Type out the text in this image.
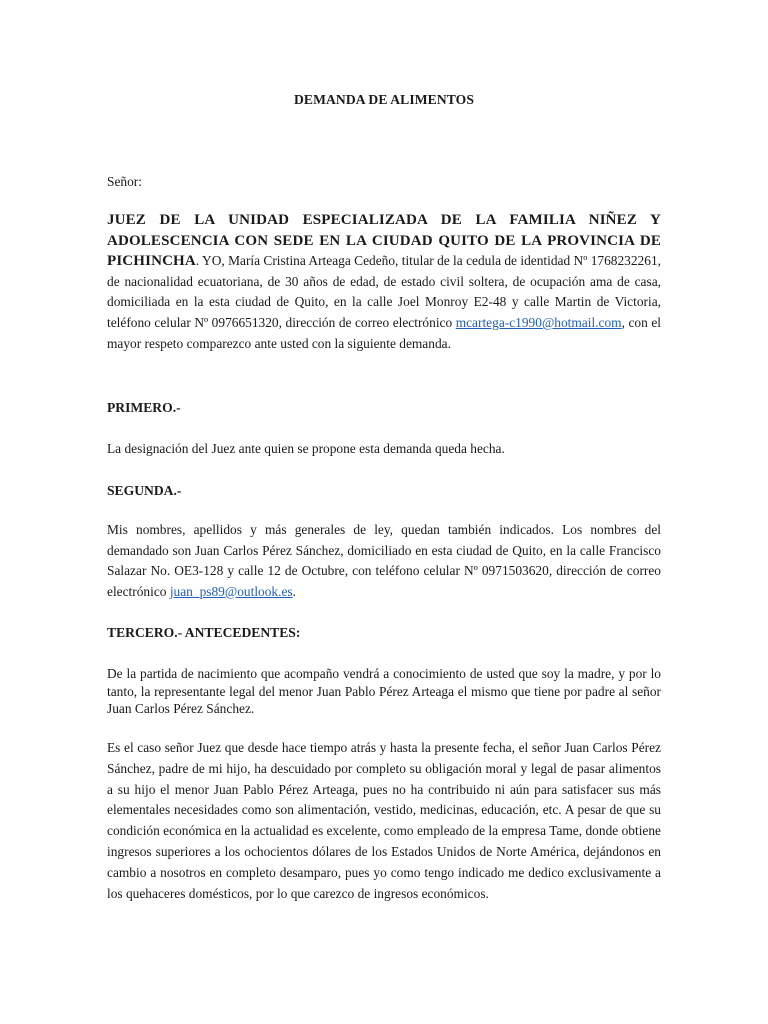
DEMANDA DE ALIMENTOS
Señor:
JUEZ DE LA UNIDAD ESPECIALIZADA DE LA FAMILIA NIÑEZ Y ADOLESCENCIA CON SEDE EN LA CIUDAD QUITO DE LA PROVINCIA DE PICHINCHA. YO, María Cristina Arteaga Cedeño, titular de la cedula de identidad Nº 1768232261, de nacionalidad ecuatoriana, de 30 años de edad, de estado civil soltera, de ocupación ama de casa, domiciliada en la esta ciudad de Quito, en la calle Joel Monroy E2-48 y calle Martin de Victoria, teléfono celular Nº 0976651320, dirección de correo electrónico mcartega-c1990@hotmail.com, con el mayor respeto comparezco ante usted con la siguiente demanda.
PRIMERO.-
La designación del Juez ante quien se propone esta demanda queda hecha.
SEGUNDA.-
Mis nombres, apellidos y más generales de ley, quedan también indicados. Los nombres del demandado son Juan Carlos Pérez Sánchez, domiciliado en esta ciudad de Quito, en la calle Francisco Salazar No. OE3-128 y calle 12 de Octubre, con teléfono celular Nº 0971503620, dirección de correo electrónico juan_ps89@outlook.es.
TERCERO.- ANTECEDENTES:
De la partida de nacimiento que acompaño vendrá a conocimiento de usted que soy la madre, y por lo tanto, la representante legal del menor Juan Pablo Pérez Arteaga el mismo que tiene por padre al señor Juan Carlos Pérez Sánchez.
Es el caso señor Juez que desde hace tiempo atrás y hasta la presente fecha, el señor Juan Carlos Pérez Sánchez, padre de mi hijo, ha descuidado por completo su obligación moral y legal de pasar alimentos a su hijo el menor Juan Pablo Pérez Arteaga, pues no ha contribuido ni aún para satisfacer sus más elementales necesidades como son alimentación, vestido, medicinas, educación, etc. A pesar de que su condición económica en la actualidad es excelente, como empleado de la empresa Tame, donde obtiene ingresos superiores a los ochocientos dólares de los Estados Unidos de Norte América, dejándonos en cambio a nosotros en completo desamparo, pues yo como tengo indicado me dedico exclusivamente a los quehaceres domésticos, por lo que carezco de ingresos económicos.
